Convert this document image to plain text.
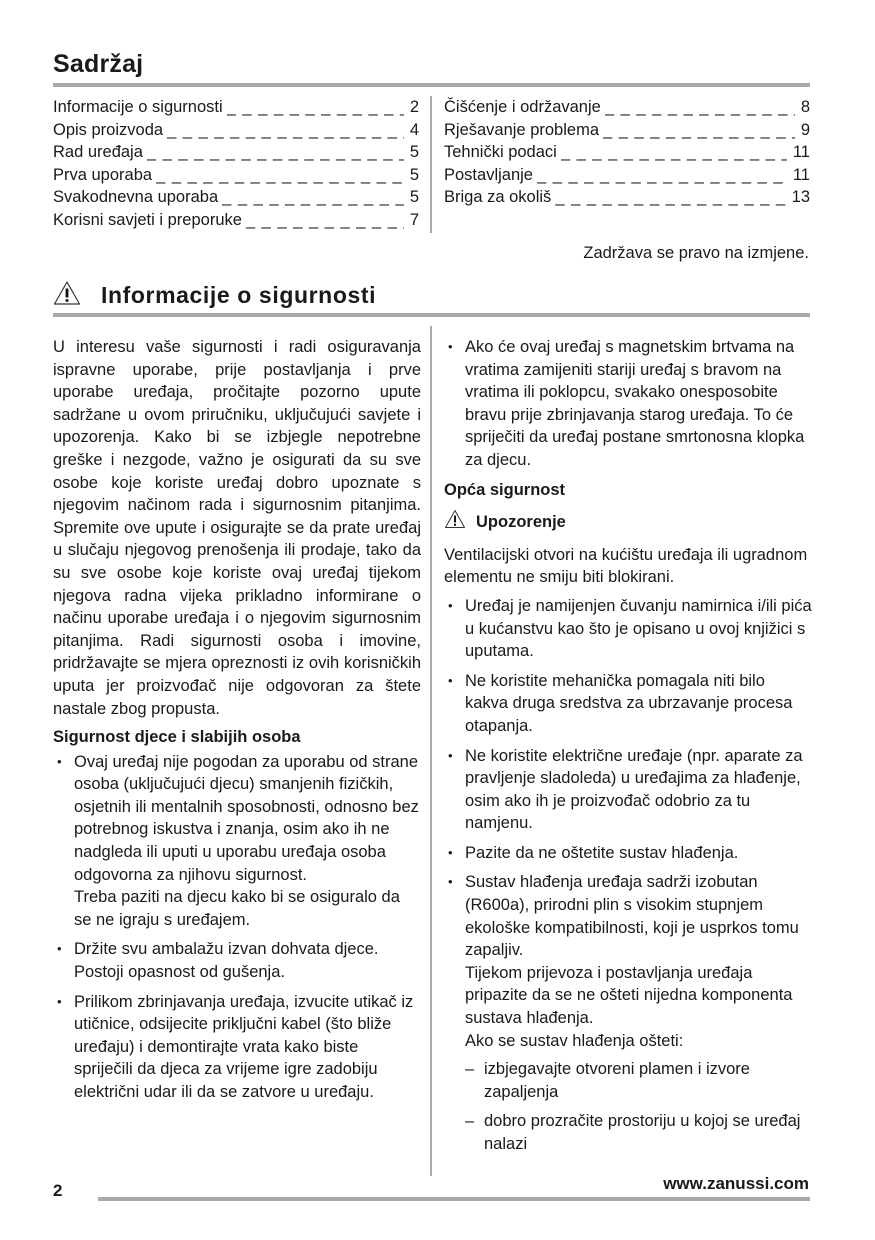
Sadržaj
Informacije o sigurnosti _ _ _	2
Opis proizvoda _ _ _	4
Rad uređaja _ _ _	5
Prva uporaba _ _ _	5
Svakodnevna uporaba _ _ _	5
Korisni savjeti i preporuke _ _ _	7
Čišćenje i održavanje _ _ _	8
Rješavanje problema _ _ _	9
Tehnički podaci _ _ _	11
Postavljanje _ _ _	11
Briga za okoliš _ _ _	13
Zadržava se pravo na izmjene.
Informacije o sigurnosti

U interesu vaše sigurnosti i radi osiguravanja ispravne uporabe, prije postavljanja i prve uporabe uređaja, pročitajte pozorno upute sadržane u ovom priručniku, uključujući savjete i upozorenja. Kako bi se izbjegle nepotrebne greške i nezgode, važno je osigurati da su sve osobe koje koriste uređaj dobro upoznate s njegovim načinom rada i sigurnosnim pitanjima. Spremite ove upute i osigurajte se da prate uređaj u slučaju njegovog prenošenja ili prodaje, tako da su sve osobe koje koriste ovaj uređaj tijekom njegova radna vijeka prikladno informirane o načinu uporabe uređaja i o njegovim sigurnosnim pitanjima. Radi sigurnosti osoba i imovine, pridržavajte se mjera opreznosti iz ovih korisničkih uputa jer proizvođač nije odgovoran za štete nastale zbog propusta.

Sigurnost djece i slabijih osoba

• Ovaj uređaj nije pogodan za uporabu od strane osoba (uključujući djecu) smanjenih fizičkih, osjetnih ili mentalnih sposobnosti, odnosno bez potrebnog iskustva i znanja, osim ako ih ne nadgleda ili uputi u uporabu uređaja osoba odgovorna za njihovu sigurnost.
Treba paziti na djecu kako bi se osiguralo da se ne igraju s uređajem.
• Držite svu ambalažu izvan dohvata djece. Postoji opasnost od gušenja.
• Prilikom zbrinjavanja uređaja, izvucite utikač iz utičnice, odsijecite priključni kabel (što bliže uređaju) i demontirajte vrata kako biste spriječili da djeca za vrijeme igre zadobiju električni udar ili da se zatvore u uređaju.
• Ako će ovaj uređaj s magnetskim brtvama na vratima zamijeniti stariji uređaj s bravom na vratima ili poklopcu, svakako onesposobite bravu prije zbrinjavanja starog uređaja. To će spriječiti da uređaj postane smrtonosna klopka za djecu.

Opća sigurnost

Upozorenje

Ventilacijski otvori na kućištu uređaja ili ugradnom elementu ne smiju biti blokirani.

• Uređaj je namijenjen čuvanju namirnica i/ili pića u kućanstvu kao što je opisano u ovoj knjižici s uputama.
• Ne koristite mehanička pomagala niti bilo kakva druga sredstva za ubrzavanje procesa otapanja.
• Ne koristite električne uređaje (npr. aparate za pravljenje sladoleda) u uređajima za hlađenje, osim ako ih je proizvođač odobrio za tu namjenu.
• Pazite da ne oštetite sustav hlađenja.
• Sustav hlađenja uređaja sadrži izobutan (R600a), prirodni plin s visokim stupnjem ekološke kompatibilnosti, koji je usprkos tomu zapaljiv.
Tijekom prijevoza i postavljanja uređaja pripazite da se ne ošteti nijedna komponenta sustava hlađenja.
Ako se sustav hlađenja ošteti:
– izbjegavajte otvoreni plamen i izvore zapaljenja
– dobro prozračite prostoriju u kojoj se uređaj nalazi
2	www.zanussi.com
